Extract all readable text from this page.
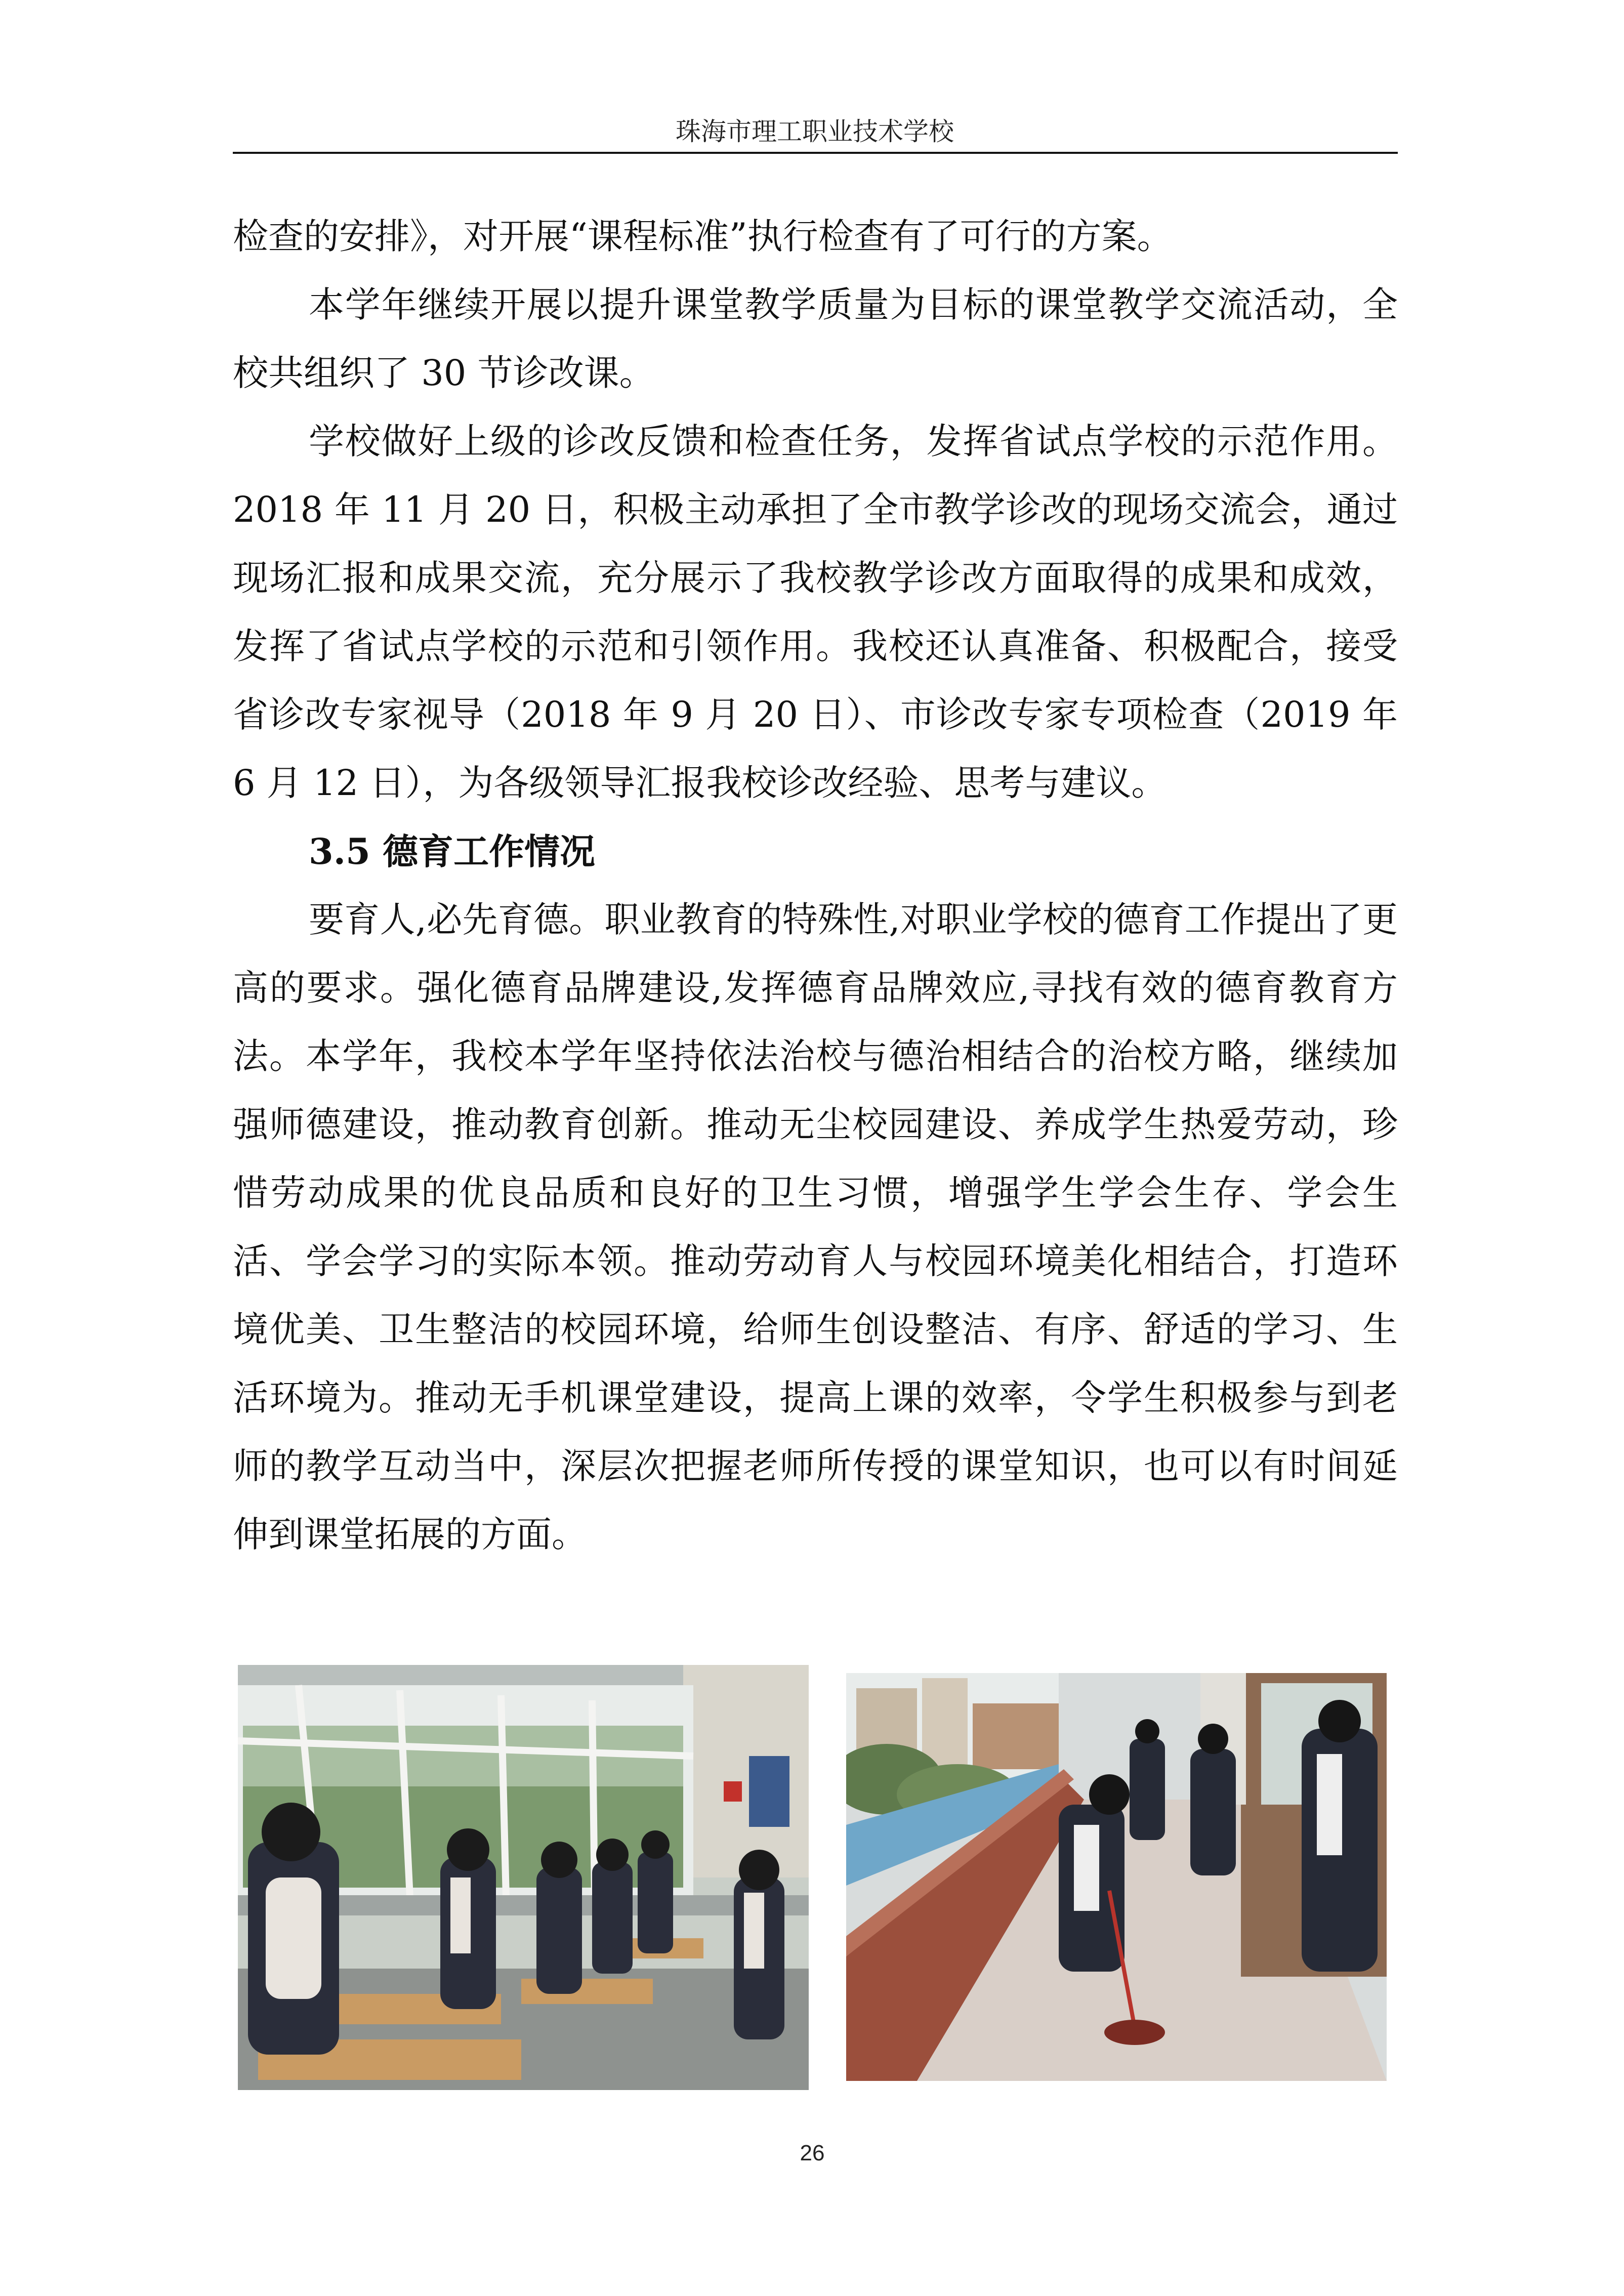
珠海市理工职业技术学校

检查的安排》，对开展“课程标准”执行检查有了可行的方案。

本学年继续开展以提升课堂教学质量为目标的课堂教学交流活动，全校共组织了 30 节诊改课。

学校做好上级的诊改反馈和检查任务，发挥省试点学校的示范作用。2018 年 11 月 20 日，积极主动承担了全市教学诊改的现场交流会，通过现场汇报和成果交流，充分展示了我校教学诊改方面取得的成果和成效，发挥了省试点学校的示范和引领作用。我校还认真准备、积极配合，接受省诊改专家视导（2018 年 9 月 20 日）、市诊改专家专项检查（2019 年 6 月 12 日），为各级领导汇报我校诊改经验、思考与建议。

3.5 德育工作情况

要育人,必先育德。职业教育的特殊性,对职业学校的德育工作提出了更高的要求。强化德育品牌建设,发挥德育品牌效应,寻找有效的德育教育方法。本学年，我校本学年坚持依法治校与德治相结合的治校方略，继续加强师德建设，推动教育创新。推动无尘校园建设、养成学生热爱劳动，珍惜劳动成果的优良品质和良好的卫生习惯，增强学生学会生存、学会生活、学会学习的实际本领。推动劳动育人与校园环境美化相结合，打造环境优美、卫生整洁的校园环境，给师生创设整洁、有序、舒适的学习、生活环境为。推动无手机课堂建设，提高上课的效率，令学生积极参与到老师的教学互动当中，深层次把握老师所传授的课堂知识，也可以有时间延伸到课堂拓展的方面。

26
